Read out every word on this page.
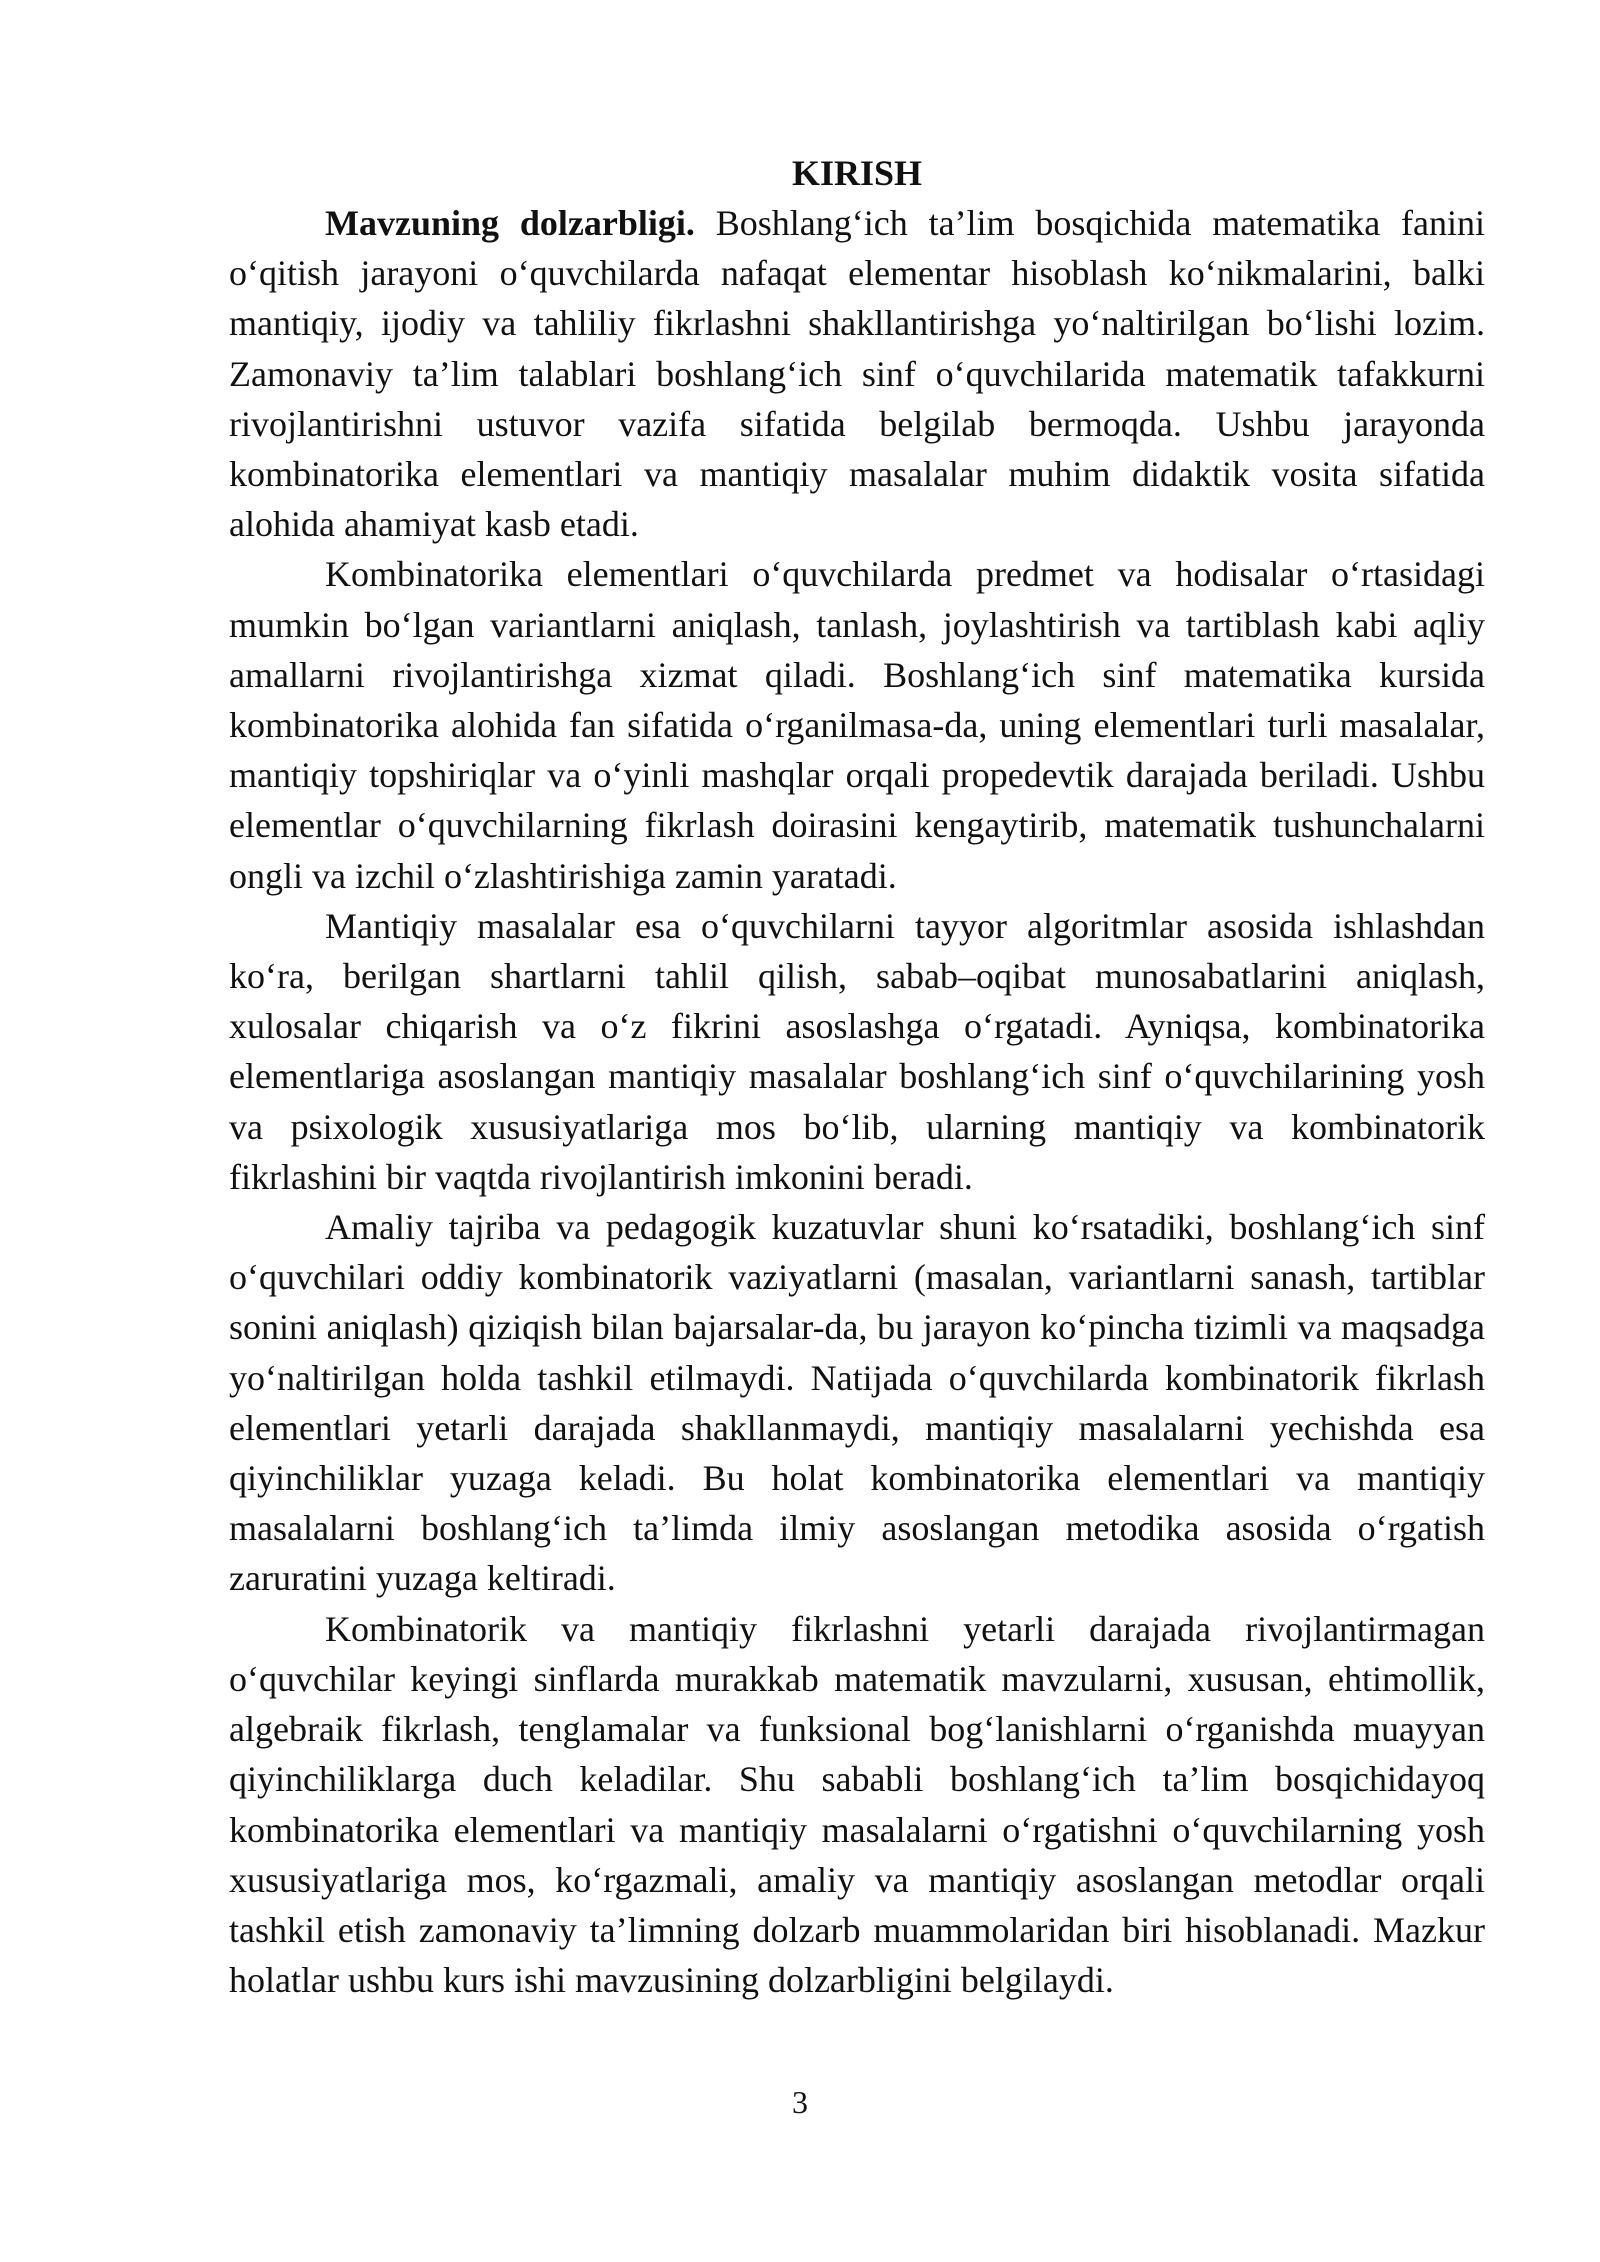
KIRISH

Mavzuning dolzarbligi. Boshlang‘ich ta’lim bosqichida matematika fanini o‘qitish jarayoni o‘quvchilarda nafaqat elementar hisoblash ko‘nikmalarini, balki mantiqiy, ijodiy va tahliliy fikrlashni shakllantirishga yo‘naltirilgan bo‘lishi lozim. Zamonaviy ta’lim talablari boshlang‘ich sinf o‘quvchilarida matematik tafakkurni rivojlantirishni ustuvor vazifa sifatida belgilab bermoqda. Ushbu jarayonda kombinatorika elementlari va mantiqiy masalalar muhim didaktik vosita sifatida alohida ahamiyat kasb etadi.

Kombinatorika elementlari o‘quvchilarda predmet va hodisalar o‘rtasidagi mumkin bo‘lgan variantlarni aniqlash, tanlash, joylashtirish va tartiblash kabi aqliy amallarni rivojlantirishga xizmat qiladi. Boshlang‘ich sinf matematika kursida kombinatorika alohida fan sifatida o‘rganilmasa-da, uning elementlari turli masalalar, mantiqiy topshiriqlar va o‘yinli mashqlar orqali propedevtik darajada beriladi. Ushbu elementlar o‘quvchilarning fikrlash doirasini kengaytirib, matematik tushunchalarni ongli va izchil o‘zlashtirishiga zamin yaratadi.

Mantiqiy masalalar esa o‘quvchilarni tayyor algoritmlar asosida ishlashdan ko‘ra, berilgan shartlarni tahlil qilish, sabab–oqibat munosabatlarini aniqlash, xulosalar chiqarish va o‘z fikrini asoslashga o‘rgatadi. Ayniqsa, kombinatorika elementlariga asoslangan mantiqiy masalalar boshlang‘ich sinf o‘quvchilarining yosh va psixologik xususiyatlariga mos bo‘lib, ularning mantiqiy va kombinatorik fikrlashini bir vaqtda rivojlantirish imkonini beradi.

Amaliy tajriba va pedagogik kuzatuvlar shuni ko‘rsatadiki, boshlang‘ich sinf o‘quvchilari oddiy kombinatorik vaziyatlarni (masalan, variantlarni sanash, tartiblar sonini aniqlash) qiziqish bilan bajarsalar-da, bu jarayon ko‘pincha tizimli va maqsadga yo‘naltirilgan holda tashkil etilmaydi. Natijada o‘quvchilarda kombinatorik fikrlash elementlari yetarli darajada shakllanmaydi, mantiqiy masalalarni yechishda esa qiyinchiliklar yuzaga keladi. Bu holat kombinatorika elementlari va mantiqiy masalalarni boshlang‘ich ta’limda ilmiy asoslangan metodika asosida o‘rgatish zaruratini yuzaga keltiradi.

Kombinatorik va mantiqiy fikrlashni yetarli darajada rivojlantirmagan o‘quvchilar keyingi sinflarda murakkab matematik mavzularni, xususan, ehtimollik, algebraik fikrlash, tenglamalar va funksional bog‘lanishlarni o‘rganishda muayyan qiyinchiliklarga duch keladilar. Shu sababli boshlang‘ich ta’lim bosqichidayoq kombinatorika elementlari va mantiqiy masalalarni o‘rgatishni o‘quvchilarning yosh xususiyatlariga mos, ko‘rgazmali, amaliy va mantiqiy asoslangan metodlar orqali tashkil etish zamonaviy ta’limning dolzarb muammolaridan biri hisoblanadi. Mazkur holatlar ushbu kurs ishi mavzusining dolzarbligini belgilaydi.

3
